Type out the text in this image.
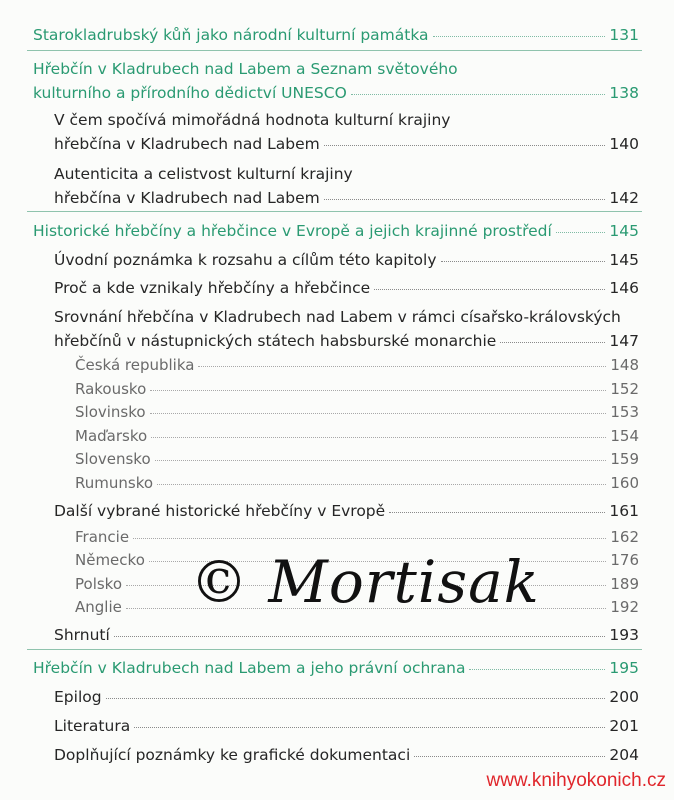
Starokladrubský kůň jako národní kulturní památka	131
Hřebčín v Kladrubech nad Labem a Seznam světového
kulturního a přírodního dědictví UNESCO	138
V čem spočívá mimořádná hodnota kulturní krajiny
hřebčína v Kladrubech nad Labem	140
Autenticita a celistvost kulturní krajiny
hřebčína v Kladrubech nad Labem	142
Historické hřebčíny a hřebčince v Evropě a jejich krajinné prostředí	145
Úvodní poznámka k rozsahu a cílům této kapitoly	145
Proč a kde vznikaly hřebčíny a hřebčince	146
Srovnání hřebčína v Kladrubech nad Labem v rámci císařsko-královských
hřebčínů v nástupnických státech habsburské monarchie	147
Česká republika	148
Rakousko	152
Slovinsko	153
Maďarsko	154
Slovensko	159
Rumunsko	160
Další vybrané historické hřebčíny v Evropě	161
Francie	162
Německo	176
Polsko	189
Anglie	192
Shrnutí	193
Hřebčín v Kladrubech nad Labem a jeho právní ochrana	195
Epilog	200
Literatura	201
Doplňující poznámky ke grafické dokumentaci	204
© Mortisak
www.knihyokonich.cz
